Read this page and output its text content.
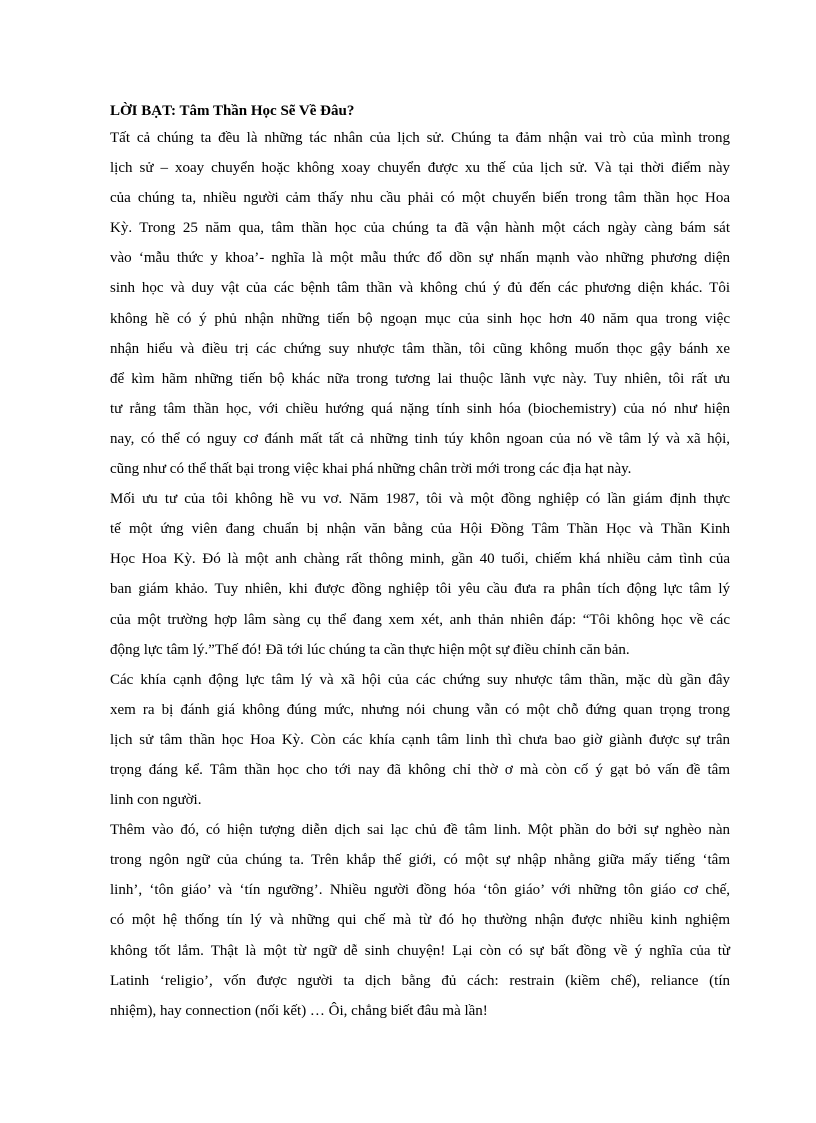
LỜI BẠT: Tâm Thần Học Sẽ Về Đâu?

Tất cả chúng ta đều là những tác nhân của lịch sử. Chúng ta đảm nhận vai trò của mình trong
lịch sử – xoay chuyển hoặc không xoay chuyển được xu thế của lịch sử. Và tại thời điểm này
của chúng ta, nhiều người cảm thấy nhu cầu phải có một chuyển biến trong tâm thần học Hoa
Kỳ. Trong 25 năm qua, tâm thần học của chúng ta đã vận hành một cách ngày càng bám sát
vào ‘mẫu thức y khoa’- nghĩa là một mẫu thức đổ dồn sự nhấn mạnh vào những phương diện
sinh học và duy vật của các bệnh tâm thần và không chú ý đủ đến các phương diện khác. Tôi
không hề có ý phủ nhận những tiến bộ ngoạn mục của sinh học hơn 40 năm qua trong việc
nhận hiểu và điều trị các chứng suy nhược tâm thần, tôi cũng không muốn thọc gậy bánh xe
để kìm hãm những tiến bộ khác nữa trong tương lai thuộc lãnh vực này. Tuy nhiên, tôi rất ưu
tư rằng tâm thần học, với chiều hướng quá nặng tính sinh hóa (biochemistry) của nó như hiện
nay, có thể có nguy cơ đánh mất tất cả những tinh túy khôn ngoan của nó về tâm lý và xã hội,
cũng như có thể thất bại trong việc khai phá những chân trời mới trong các địa hạt này.

Mối ưu tư của tôi không hề vu vơ. Năm 1987, tôi và một đồng nghiệp có lần giám định thực
tế một ứng viên đang chuẩn bị nhận văn bằng của Hội Đồng Tâm Thần Học và Thần Kinh
Học Hoa Kỳ. Đó là một anh chàng rất thông minh, gần 40 tuổi, chiếm khá nhiều cảm tình của
ban giám khảo. Tuy nhiên, khi được đồng nghiệp tôi yêu cầu đưa ra phân tích động lực tâm lý
của một trường hợp lâm sàng cụ thể đang xem xét, anh thản nhiên đáp: “Tôi không học về các
động lực tâm lý.”Thế đó! Đã tới lúc chúng ta cần thực hiện một sự điều chỉnh căn bản.

Các khía cạnh động lực tâm lý và xã hội của các chứng suy nhược tâm thần, mặc dù gần đây
xem ra bị đánh giá không đúng mức, nhưng nói chung vẫn có một chỗ đứng quan trọng trong
lịch sử tâm thần học Hoa Kỳ. Còn các khía cạnh tâm linh thì chưa bao giờ giành được sự trân
trọng đáng kể. Tâm thần học cho tới nay đã không chỉ thờ ơ mà còn cố ý gạt bỏ vấn đề tâm
linh con người.

Thêm vào đó, có hiện tượng diễn dịch sai lạc chủ đề tâm linh. Một phần do bởi sự nghèo nàn
trong ngôn ngữ của chúng ta. Trên khắp thế giới, có một sự nhập nhằng giữa mấy tiếng ‘tâm
linh’, ‘tôn giáo’ và ‘tín ngưỡng’. Nhiều người đồng hóa ‘tôn giáo’ với những tôn giáo cơ chế,
có một hệ thống tín lý và những qui chế mà từ đó họ thường nhận được nhiều kinh nghiệm
không tốt lắm. Thật là một từ ngữ dễ sinh chuyện! Lại còn có sự bất đồng về ý nghĩa của từ
Latinh ‘religio’, vốn được người ta dịch bằng đủ cách: restrain (kiềm chế), reliance (tín
nhiệm), hay connection (nối kết) … Ôi, chẳng biết đâu mà lần!
